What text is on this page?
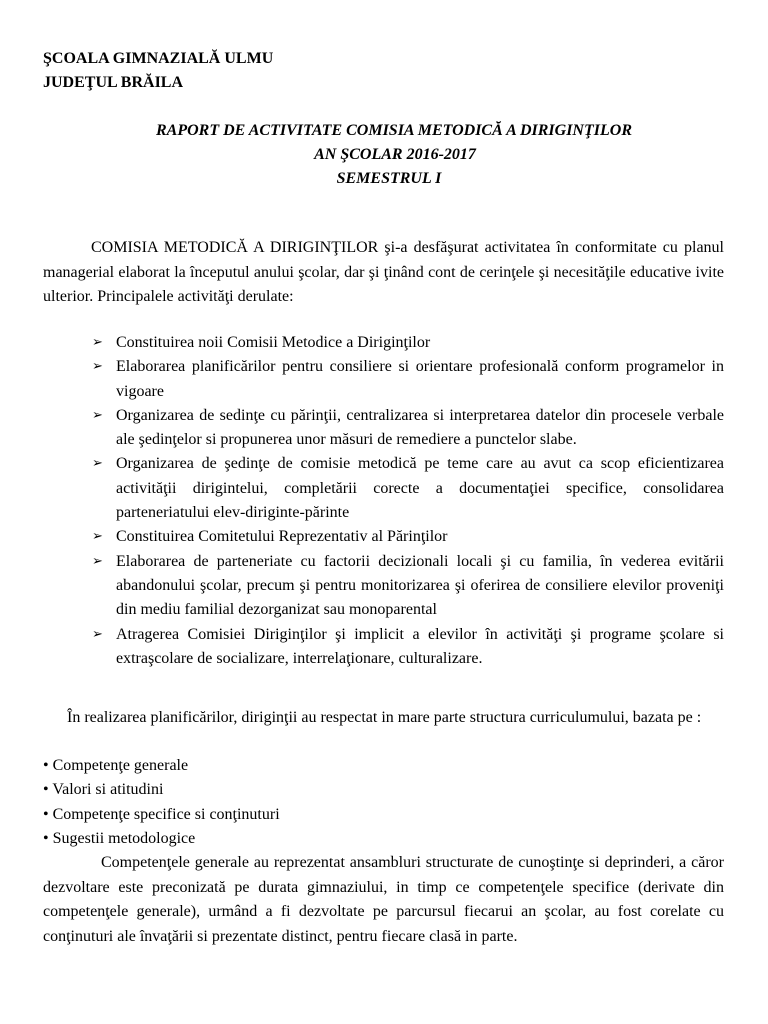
ŞCOALA GIMNAZIALĂ ULMU
JUDEŢUL BRĂILA
RAPORT DE ACTIVITATE COMISIA METODICĂ A DIRIGINŢILOR
AN ŞCOLAR 2016-2017
SEMESTRUL I

COMISIA METODICĂ A DIRIGINŢILOR şi-a desfăşurat activitatea în conformitate cu planul managerial elaborat la începutul anului şcolar, dar şi ţinând cont de cerinţele şi necesităţile educative ivite ulterior. Principalele activităţi derulate:

➢ Constituirea noii Comisii Metodice a Diriginţilor
➢ Elaborarea planificărilor pentru consiliere si orientare profesională conform programelor in vigoare
➢ Organizarea de sedinţe cu părinţii, centralizarea si interpretarea datelor din procesele verbale ale şedinţelor si propunerea unor măsuri de remediere a punctelor slabe.
➢ Organizarea de şedinţe de comisie metodică pe teme care au avut ca scop eficientizarea activităţii dirigintelui, completării corecte a documentaţiei specifice, consolidarea parteneriatului elev-diriginte-părinte
➢ Constituirea Comitetului Reprezentativ al Părinţilor
➢ Elaborarea de parteneriate cu factorii decizionali locali şi cu familia, în vederea evitării abandonului şcolar, precum şi pentru monitorizarea şi oferirea de consiliere elevilor proveniţi din mediu familial dezorganizat sau monoparental
➢ Atragerea Comisiei Diriginţilor şi implicit a elevilor în activităţi şi programe şcolare si extraşcolare de socializare, interrelaţionare, culturalizare.

În realizarea planificărilor, diriginţii au respectat in mare parte structura curriculumului, bazata pe :

• Competenţe generale
• Valori si atitudini
• Competenţe specifice si conţinuturi
• Sugestii metodologice

Competenţele generale au reprezentat ansambluri structurate de cunoştinţe si deprinderi, a căror dezvoltare este preconizată pe durata gimnaziului, in timp ce competenţele specifice (derivate din competenţele generale), urmând a fi dezvoltate pe parcursul fiecarui an şcolar, au fost corelate cu conţinuturi ale învaţării si prezentate distinct, pentru fiecare clasă in parte.
